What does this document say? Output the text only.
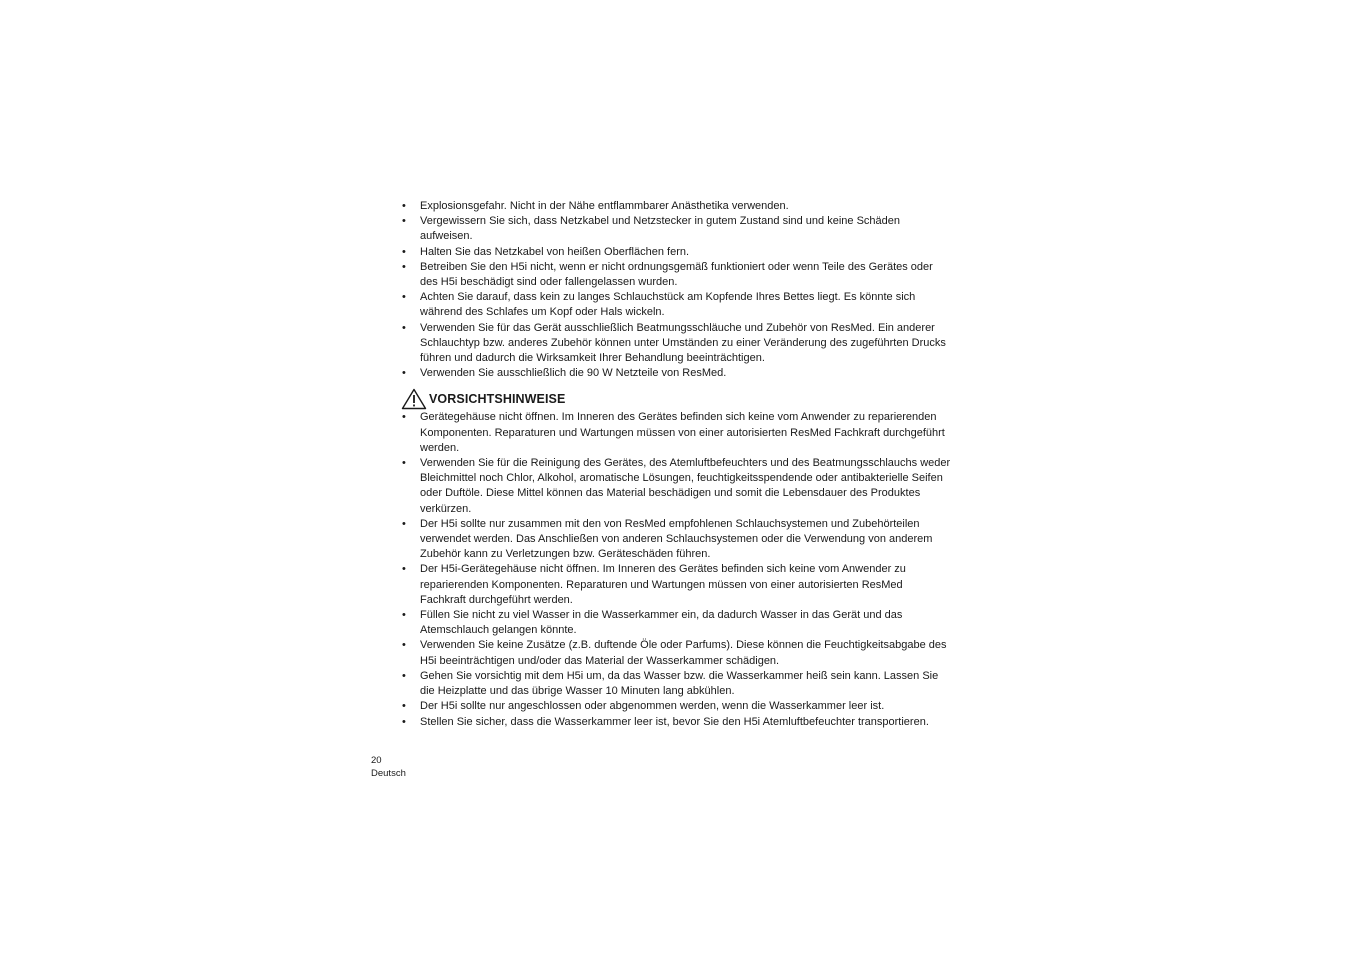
• Explosionsgefahr. Nicht in der Nähe entflammbarer Anästhetika verwenden.
• Vergewissern Sie sich, dass Netzkabel und Netzstecker in gutem Zustand sind und keine Schäden aufweisen.
• Halten Sie das Netzkabel von heißen Oberflächen fern.
• Betreiben Sie den H5i nicht, wenn er nicht ordnungsgemäß funktioniert oder wenn Teile des Gerätes oder des H5i beschädigt sind oder fallengelassen wurden.
• Achten Sie darauf, dass kein zu langes Schlauchstück am Kopfende Ihres Bettes liegt. Es könnte sich während des Schlafes um Kopf oder Hals wickeln.
• Verwenden Sie für das Gerät ausschließlich Beatmungsschläuche und Zubehör von ResMed. Ein anderer Schlauchtyp bzw. anderes Zubehör können unter Umständen zu einer Veränderung des zugeführten Drucks führen und dadurch die Wirksamkeit Ihrer Behandlung beeinträchtigen.
• Verwenden Sie ausschließlich die 90 W Netzteile von ResMed.
VORSICHTSHINWEISE
• Gerätegehäuse nicht öffnen. Im Inneren des Gerätes befinden sich keine vom Anwender zu reparierenden Komponenten. Reparaturen und Wartungen müssen von einer autorisierten ResMed Fachkraft durchgeführt werden.
• Verwenden Sie für die Reinigung des Gerätes, des Atemluftbefeuchters und des Beatmungsschlauchs weder Bleichmittel noch Chlor, Alkohol, aromatische Lösungen, feuchtigkeitsspendende oder antibakterielle Seifen oder Duftöle. Diese Mittel können das Material beschädigen und somit die Lebensdauer des Produktes verkürzen.
• Der H5i sollte nur zusammen mit den von ResMed empfohlenen Schlauchsystemen und Zubehörteilen verwendet werden. Das Anschließen von anderen Schlauchsystemen oder die Verwendung von anderem Zubehör kann zu Verletzungen bzw. Geräteschäden führen.
• Der H5i-Gerätegehäuse nicht öffnen. Im Inneren des Gerätes befinden sich keine vom Anwender zu reparierenden Komponenten. Reparaturen und Wartungen müssen von einer autorisierten ResMed Fachkraft durchgeführt werden.
• Füllen Sie nicht zu viel Wasser in die Wasserkammer ein, da dadurch Wasser in das Gerät und das Atemschlauch gelangen könnte.
• Verwenden Sie keine Zusätze (z.B. duftende Öle oder Parfums). Diese können die Feuchtigkeitsabgabe des H5i beeinträchtigen und/oder das Material der Wasserkammer schädigen.
• Gehen Sie vorsichtig mit dem H5i um, da das Wasser bzw. die Wasserkammer heiß sein kann. Lassen Sie die Heizplatte und das übrige Wasser 10 Minuten lang abkühlen.
• Der H5i sollte nur angeschlossen oder abgenommen werden, wenn die Wasserkammer leer ist.
• Stellen Sie sicher, dass die Wasserkammer leer ist, bevor Sie den H5i Atemluftbefeuchter transportieren.
20
Deutsch
